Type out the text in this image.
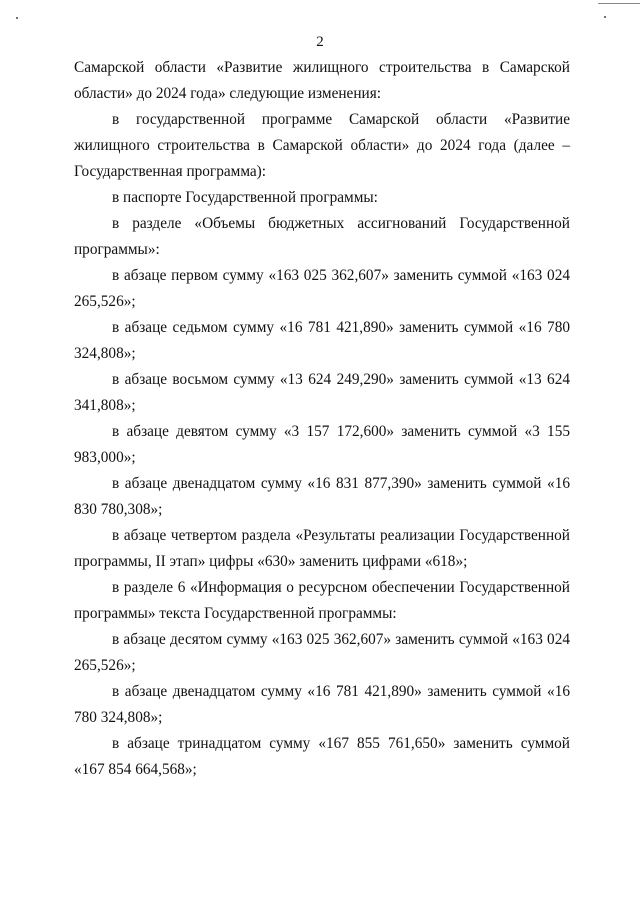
2

Самарской области «Развитие жилищного строительства в Самарской области» до 2024 года» следующие изменения:

в государственной программе Самарской области «Развитие жилищного строительства в Самарской области» до 2024 года (далее – Государственная программа):

в паспорте Государственной программы:

в разделе «Объемы бюджетных ассигнований Государственной программы»:

в абзаце первом сумму «163 025 362,607» заменить суммой «163 024 265,526»;

в абзаце седьмом сумму «16 781 421,890» заменить суммой «16 780 324,808»;

в абзаце восьмом сумму «13 624 249,290» заменить суммой «13 624 341,808»;

в абзаце девятом сумму «3 157 172,600» заменить суммой «3 155 983,000»;

в абзаце двенадцатом сумму «16 831 877,390» заменить суммой «16 830 780,308»;

в абзаце четвертом раздела «Результаты реализации Государственной программы, II этап» цифры «630» заменить цифрами «618»;

в разделе 6 «Информация о ресурсном обеспечении Государственной программы» текста Государственной программы:

в абзаце десятом сумму «163 025 362,607» заменить суммой «163 024 265,526»;

в абзаце двенадцатом сумму «16 781 421,890» заменить суммой «16 780 324,808»;

в абзаце тринадцатом сумму «167 855 761,650» заменить суммой «167 854 664,568»;
